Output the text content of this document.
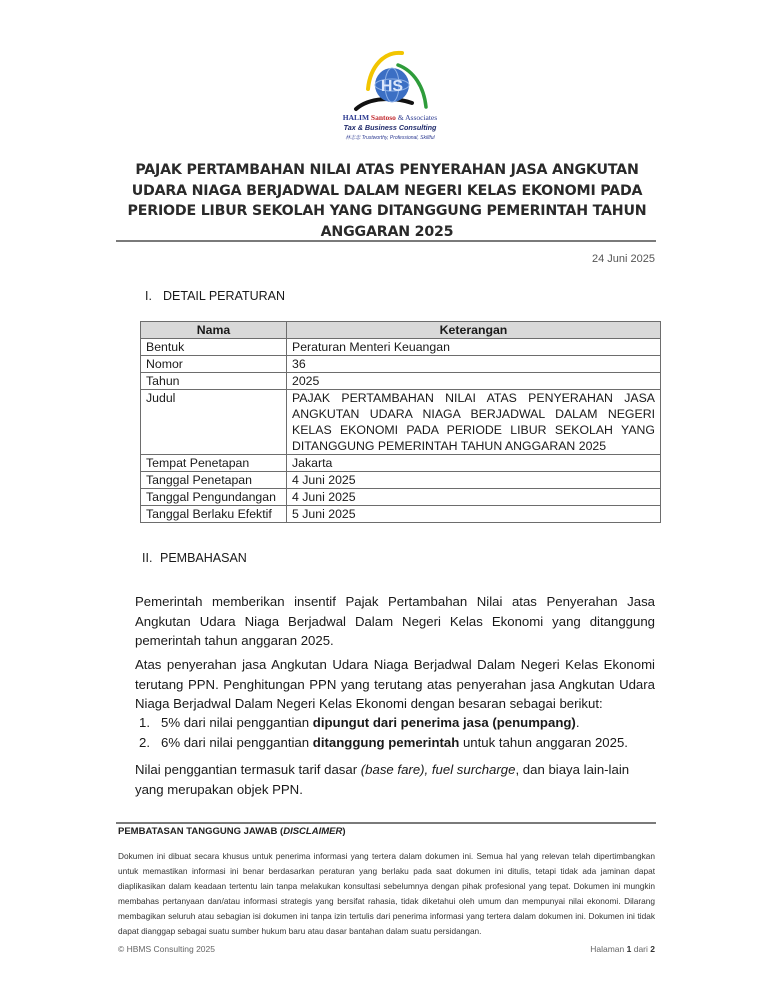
HS
HALIM Santoso & Associates
Tax & Business Consulting
林志忠 Trustworthy, Professional, Skillful
PAJAK PERTAMBAHAN NILAI ATAS PENYERAHAN JASA ANGKUTAN
UDARA NIAGA BERJADWAL DALAM NEGERI KELAS EKONOMI PADA
PERIODE LIBUR SEKOLAH YANG DITANGGUNG PEMERINTAH TAHUN
ANGGARAN 2025
24 Juni 2025
I. DETAIL PERATURAN
Nama	Keterangan
Bentuk	Peraturan Menteri Keuangan
Nomor	36
Tahun	2025
Judul	PAJAK PERTAMBAHAN NILAI ATAS PENYERAHAN JASA ANGKUTAN UDARA NIAGA BERJADWAL DALAM NEGERI KELAS EKONOMI PADA PERIODE LIBUR SEKOLAH YANG DITANGGUNG PEMERINTAH TAHUN ANGGARAN 2025
Tempat Penetapan	Jakarta
Tanggal Penetapan	4 Juni 2025
Tanggal Pengundangan	4 Juni 2025
Tanggal Berlaku Efektif	5 Juni 2025
II. PEMBAHASAN

Pemerintah memberikan insentif Pajak Pertambahan Nilai atas Penyerahan Jasa Angkutan Udara Niaga Berjadwal Dalam Negeri Kelas Ekonomi yang ditanggung pemerintah tahun anggaran 2025.

Atas penyerahan jasa Angkutan Udara Niaga Berjadwal Dalam Negeri Kelas Ekonomi terutang PPN. Penghitungan PPN yang terutang atas penyerahan jasa Angkutan Udara Niaga Berjadwal Dalam Negeri Kelas Ekonomi dengan besaran sebagai berikut:

1. 5% dari nilai penggantian dipungut dari penerima jasa (penumpang).
2. 6% dari nilai penggantian ditanggung pemerintah untuk tahun anggaran 2025.

Nilai penggantian termasuk tarif dasar (base fare), fuel surcharge, dan biaya lain-lain yang merupakan objek PPN.

PEMBATASAN TANGGUNG JAWAB (DISCLAIMER)

Dokumen ini dibuat secara khusus untuk penerima informasi yang tertera dalam dokumen ini. Semua hal yang relevan telah dipertimbangkan untuk memastikan informasi ini benar berdasarkan peraturan yang berlaku pada saat dokumen ini ditulis, tetapi tidak ada jaminan dapat diaplikasikan dalam keadaan tertentu lain tanpa melakukan konsultasi sebelumnya dengan pihak profesional yang tepat. Dokumen ini mungkin membahas pertanyaan dan/atau informasi strategis yang bersifat rahasia, tidak diketahui oleh umum dan mempunyai nilai ekonomi. Dilarang membagikan seluruh atau sebagian isi dokumen ini tanpa izin tertulis dari penerima informasi yang tertera dalam dokumen ini. Dokumen ini tidak dapat dianggap sebagai suatu sumber hukum baru atau dasar bantahan dalam suatu persidangan.

© HBMS Consulting 2025	Halaman 1 dari 2
